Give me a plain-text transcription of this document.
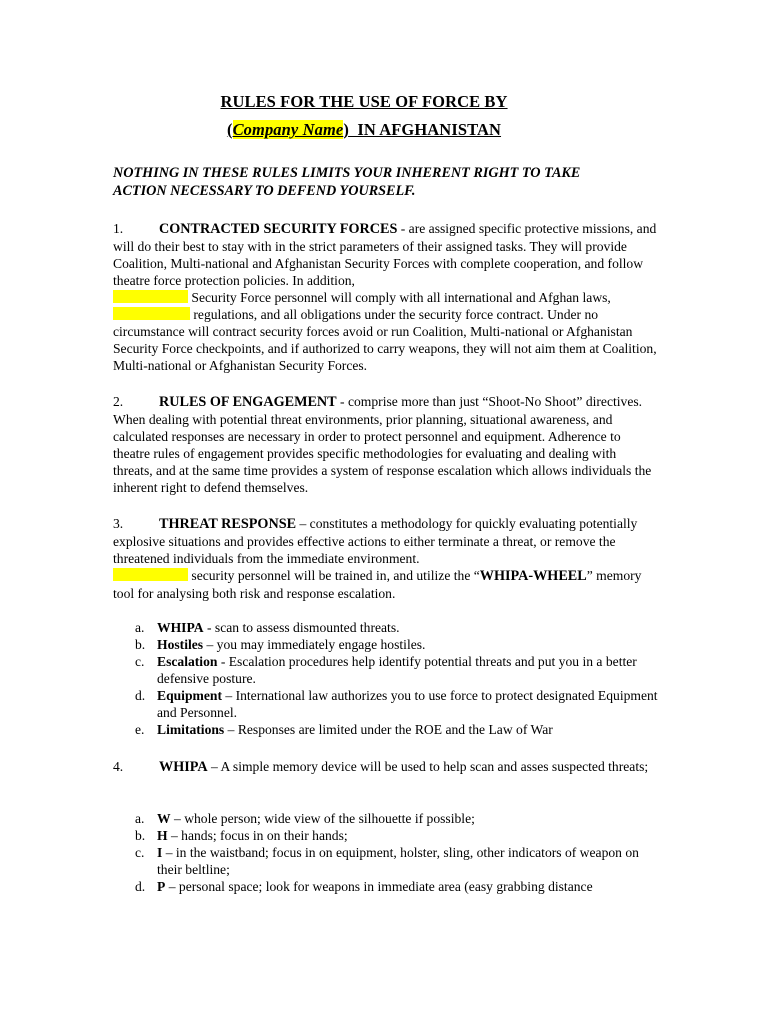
RULES FOR THE USE OF FORCE BY
(Company Name)  IN AFGHANISTAN
NOTHING IN THESE RULES LIMITS YOUR INHERENT RIGHT TO TAKE ACTION NECESSARY TO DEFEND YOURSELF.
1.	CONTRACTED SECURITY FORCES - are assigned specific protective missions, and will do their best to stay with in the strict parameters of their assigned tasks. They will provide Coalition, Multi-national and Afghanistan Security Forces with complete cooperation, and follow theatre force protection policies. In addition,
Security Force personnel will comply with all international and Afghan laws,  regulations, and all obligations under the security force contract. Under no circumstance will contract security forces avoid or run Coalition, Multi-national or Afghanistan Security Force checkpoints, and if authorized to carry weapons, they will not aim them at Coalition, Multi-national or Afghanistan Security Forces.
2.	RULES OF ENGAGEMENT - comprise more than just “Shoot-No Shoot” directives. When dealing with potential threat environments, prior planning, situational awareness, and calculated responses are necessary in order to protect personnel and equipment. Adherence to theatre rules of engagement provides specific methodologies for evaluating and dealing with threats, and at the same time provides a system of response escalation which allows individuals the inherent right to defend themselves.
3.	THREAT RESPONSE – constitutes a methodology for quickly evaluating potentially explosive situations and provides effective actions to either terminate a threat, or remove the threatened individuals from the immediate environment.
security personnel will be trained in, and utilize the “WHIPA-WHEEL” memory tool for analysing both risk and response escalation.
a. WHIPA - scan to assess dismounted threats.
b. Hostiles – you may immediately engage hostiles.
c. Escalation - Escalation procedures help identify potential threats and put you in a better defensive posture.
d. Equipment – International law authorizes you to use force to protect designated Equipment and Personnel.
e. Limitations – Responses are limited under the ROE and the Law of War
4.	WHIPA – A simple memory device will be used to help scan and asses suspected threats;
a. W – whole person; wide view of the silhouette if possible;
b. H – hands; focus in on their hands;
c. I – in the waistband; focus in on equipment, holster, sling, other indicators of weapon on their beltline;
d. P – personal space; look for weapons in immediate area (easy grabbing distance
